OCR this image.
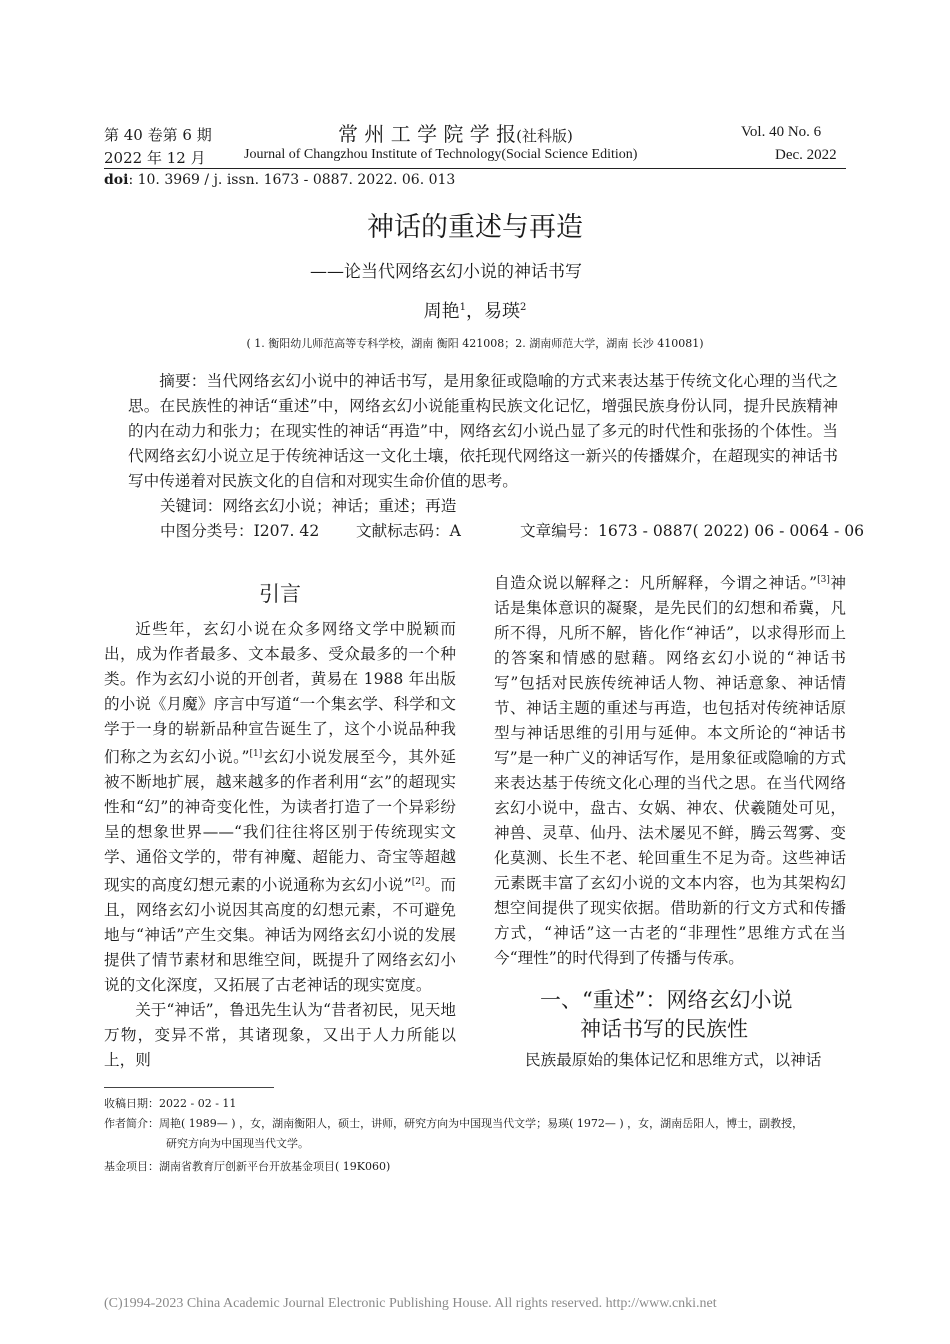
第 40 卷第 6 期
2022 年 12 月
常 州 工 学 院 学 报(社科版)
Journal of Changzhou Institute of Technology(Social Science Edition)
Vol. 40 No. 6
Dec. 2022
doi: 10. 3969 / j. issn. 1673 - 0887. 2022. 06. 013
神话的重述与再造
——论当代网络玄幻小说的神话书写
周艳$^1$，易瑛$^2$
( 1. 衡阳幼儿师范高等专科学校，湖南 衡阳 421008；2. 湖南师范大学，湖南 长沙 410081)
摘要：当代网络玄幻小说中的神话书写，是用象征或隐喻的方式来表达基于传统文化心理的当代之思。在民族性的神话“重述”中，网络玄幻小说能重构民族文化记忆，增强民族身份认同，提升民族精神的内在动力和张力；在现实性的神话“再造”中，网络玄幻小说凸显了多元的时代性和张扬的个体性。当代网络玄幻小说立足于传统神话这一文化土壤，依托现代网络这一新兴的传播媒介，在超现实的神话书写中传递着对民族文化的自信和对现实生命价值的思考。
关键词：网络玄幻小说；神话；重述；再造
中图分类号：I207. 42 文献标志码：A	文章编号：1673 - 0887( 2022) 06 - 0064 - 06
引言

近些年，玄幻小说在众多网络文学中脱颖而出，成为作者最多、文本最多、受众最多的一个种类。作为玄幻小说的开创者，黄易在 1988 年出版的小说《月魔》序言中写道“一个集玄学、科学和文学于一身的崭新品种宣告诞生了，这个小说品种我们称之为玄幻小说。”[1]玄幻小说发展至今，其外延被不断地扩展，越来越多的作者利用“玄”的超现实性和“幻”的神奇变化性，为读者打造了一个异彩纷呈的想象世界——“我们往往将区别于传统现实文学、通俗文学的，带有神魔、超能力、奇宝等超越现实的高度幻想元素的小说通称为玄幻小说”[2]。而且，网络玄幻小说因其高度的幻想元素，不可避免地与“神话”产生交集。神话为网络玄幻小说的发展提供了情节素材和思维空间，既提升了网络玄幻小说的文化深度，又拓展了古老神话的现实宽度。

关于“神话”，鲁迅先生认为“昔者初民，见天地万物，变异不常，其诸现象，又出于人力所能以上，则

自造众说以解释之：凡所解释，今谓之神话。”[3]神话是集体意识的凝聚，是先民们的幻想和希冀，凡所不得，凡所不解，皆化作“神话”，以求得形而上的答案和情感的慰藉。网络玄幻小说的“神话书写”包括对民族传统神话人物、神话意象、神话情节、神话主题的重述与再造，也包括对传统神话原型与神话思维的引用与延伸。本文所论的“神话书写”是一种广义的神话写作，是用象征或隐喻的方式来表达基于传统文化心理的当代之思。在当代网络玄幻小说中，盘古、女娲、神农、伏羲随处可见，神兽、灵草、仙丹、法术屡见不鲜，腾云驾雾、变化莫测、长生不老、轮回重生不足为奇。这些神话元素既丰富了玄幻小说的文本内容，也为其架构幻想空间提供了现实依据。借助新的行文方式和传播方式，“神话”这一古老的“非理性”思维方式在当今“理性”的时代得到了传播与传承。

一、“重述”：网络玄幻小说
神话书写的民族性
民族最原始的集体记忆和思维方式，以神话
收稿日期：2022 - 02 - 11
作者简介：周艳( 1989— ) ，女，湖南衡阳人，硕士，讲师，研究方向为中国现当代文学；易瑛( 1972— ) ，女，湖南岳阳人，博士，副教授，
研究方向为中国现当代文学。
基金项目：湖南省教育厅创新平台开放基金项目( 19K060)
(C)1994-2023 China Academic Journal Electronic Publishing House. All rights reserved. http://www.cnki.net
